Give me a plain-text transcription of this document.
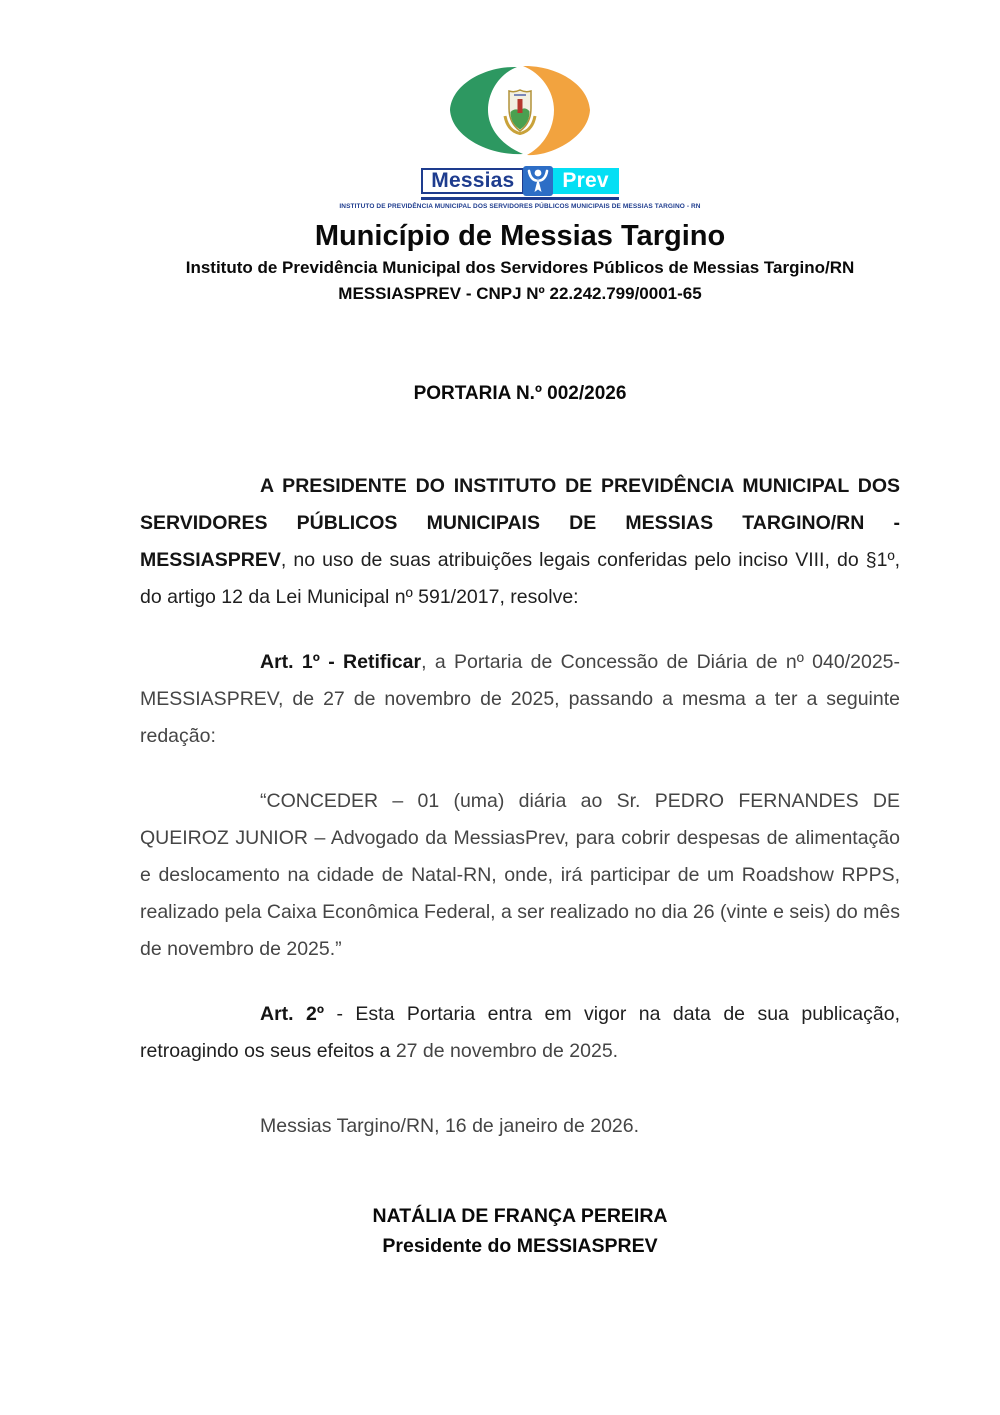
Messias	Prev
INSTITUTO DE PREVIDÊNCIA MUNICIPAL DOS SERVIDORES PÚBLICOS MUNICIPAIS DE MESSIAS TARGINO - RN
Município de Messias Targino
Instituto de Previdência Municipal dos Servidores Públicos de Messias Targino/RN
MESSIASPREV - CNPJ Nº 22.242.799/0001-65
PORTARIA N.º 002/2026

A PRESIDENTE DO INSTITUTO DE PREVIDÊNCIA MUNICIPAL DOS SERVIDORES PÚBLICOS MUNICIPAIS DE MESSIAS TARGINO/RN - MESSIASPREV, no uso de suas atribuições legais conferidas pelo inciso VIII, do §1º, do artigo 12 da Lei Municipal nº 591/2017, resolve:

Art. 1º - Retificar, a Portaria de Concessão de Diária de nº 040/2025-MESSIASPREV, de 27 de novembro de 2025, passando a mesma a ter a seguinte redação:

“CONCEDER – 01 (uma) diária ao Sr. PEDRO FERNANDES DE QUEIROZ JUNIOR – Advogado da MessiasPrev, para cobrir despesas de alimentação e deslocamento na cidade de Natal-RN, onde, irá participar de um Roadshow RPPS, realizado pela Caixa Econômica Federal, a ser realizado no dia 26 (vinte e seis) do mês de novembro de 2025.”

Art. 2º - Esta Portaria entra em vigor na data de sua publicação, retroagindo os seus efeitos a 27 de novembro de 2025.

Messias Targino/RN, 16 de janeiro de 2026.

NATÁLIA DE FRANÇA PEREIRA
Presidente do MESSIASPREV
